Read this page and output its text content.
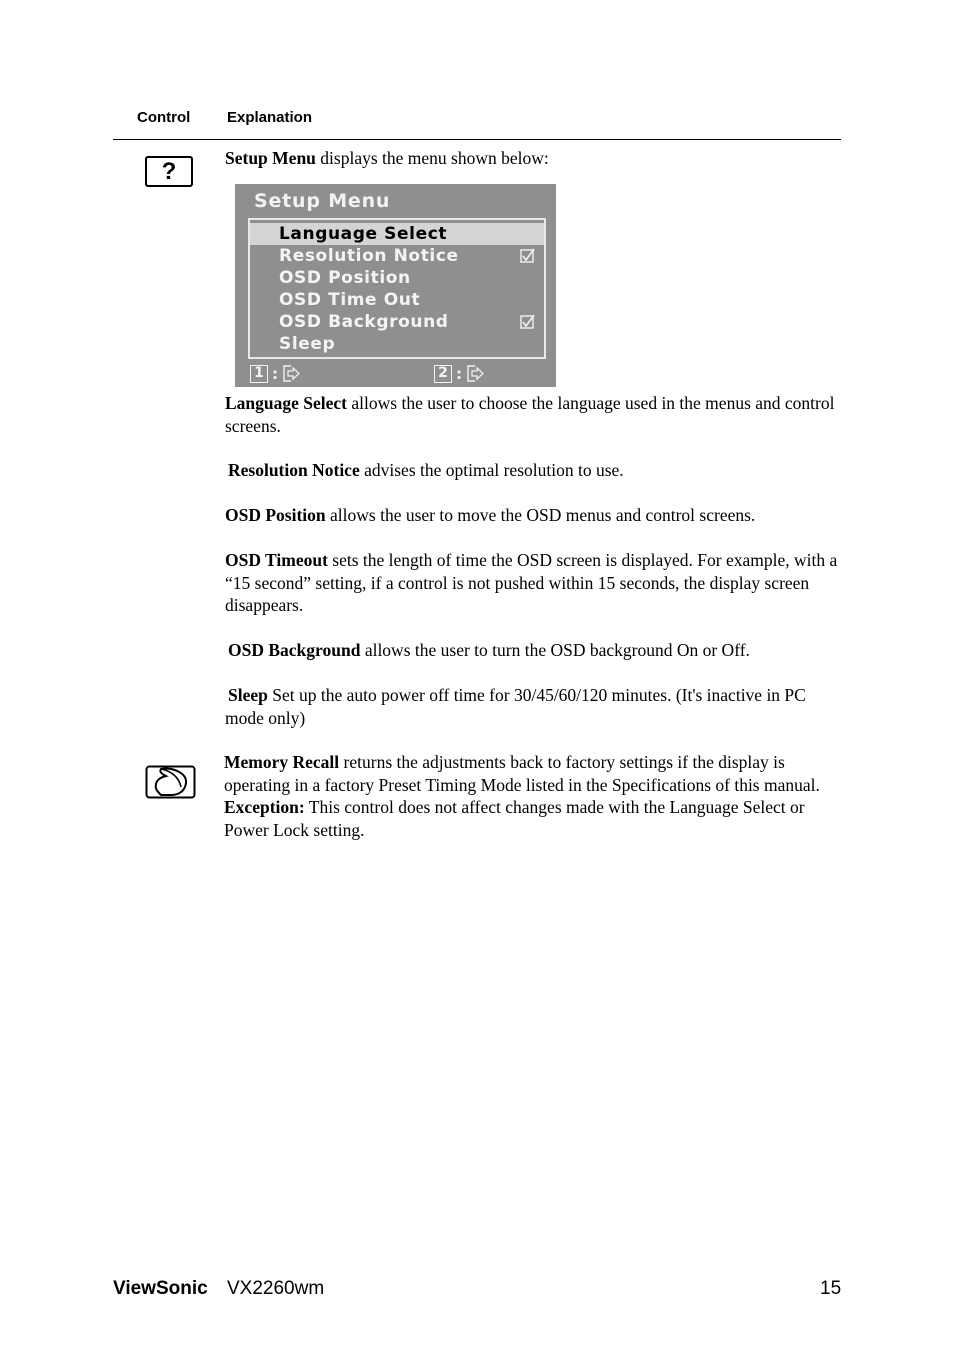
Control Explanation
?	Setup Menu displays the menu shown below:
Setup Menu
Language Select
Resolution Notice
OSD Position
OSD Time Out
OSD Background
Sleep
1 :	2 :
Language Select allows the user to choose the language used in the menus and control screens.
Resolution Notice advises the optimal resolution to use.
OSD Position allows the user to move the OSD menus and control screens.
OSD Timeout sets the length of time the OSD screen is displayed. For example, with a “15 second” setting, if a control is not pushed within 15 seconds, the display screen disappears.
OSD Background allows the user to turn the OSD background On or Off.
Sleep Set up the auto power off time for 30/45/60/120 minutes. (It's inactive in PC mode only)
Memory Recall returns the adjustments back to factory settings if the display is operating in a factory Preset Timing Mode listed in the Specifications of this manual.
Exception: This control does not affect changes made with the Language Select or Power Lock setting.
ViewSonic VX2260wm	15
